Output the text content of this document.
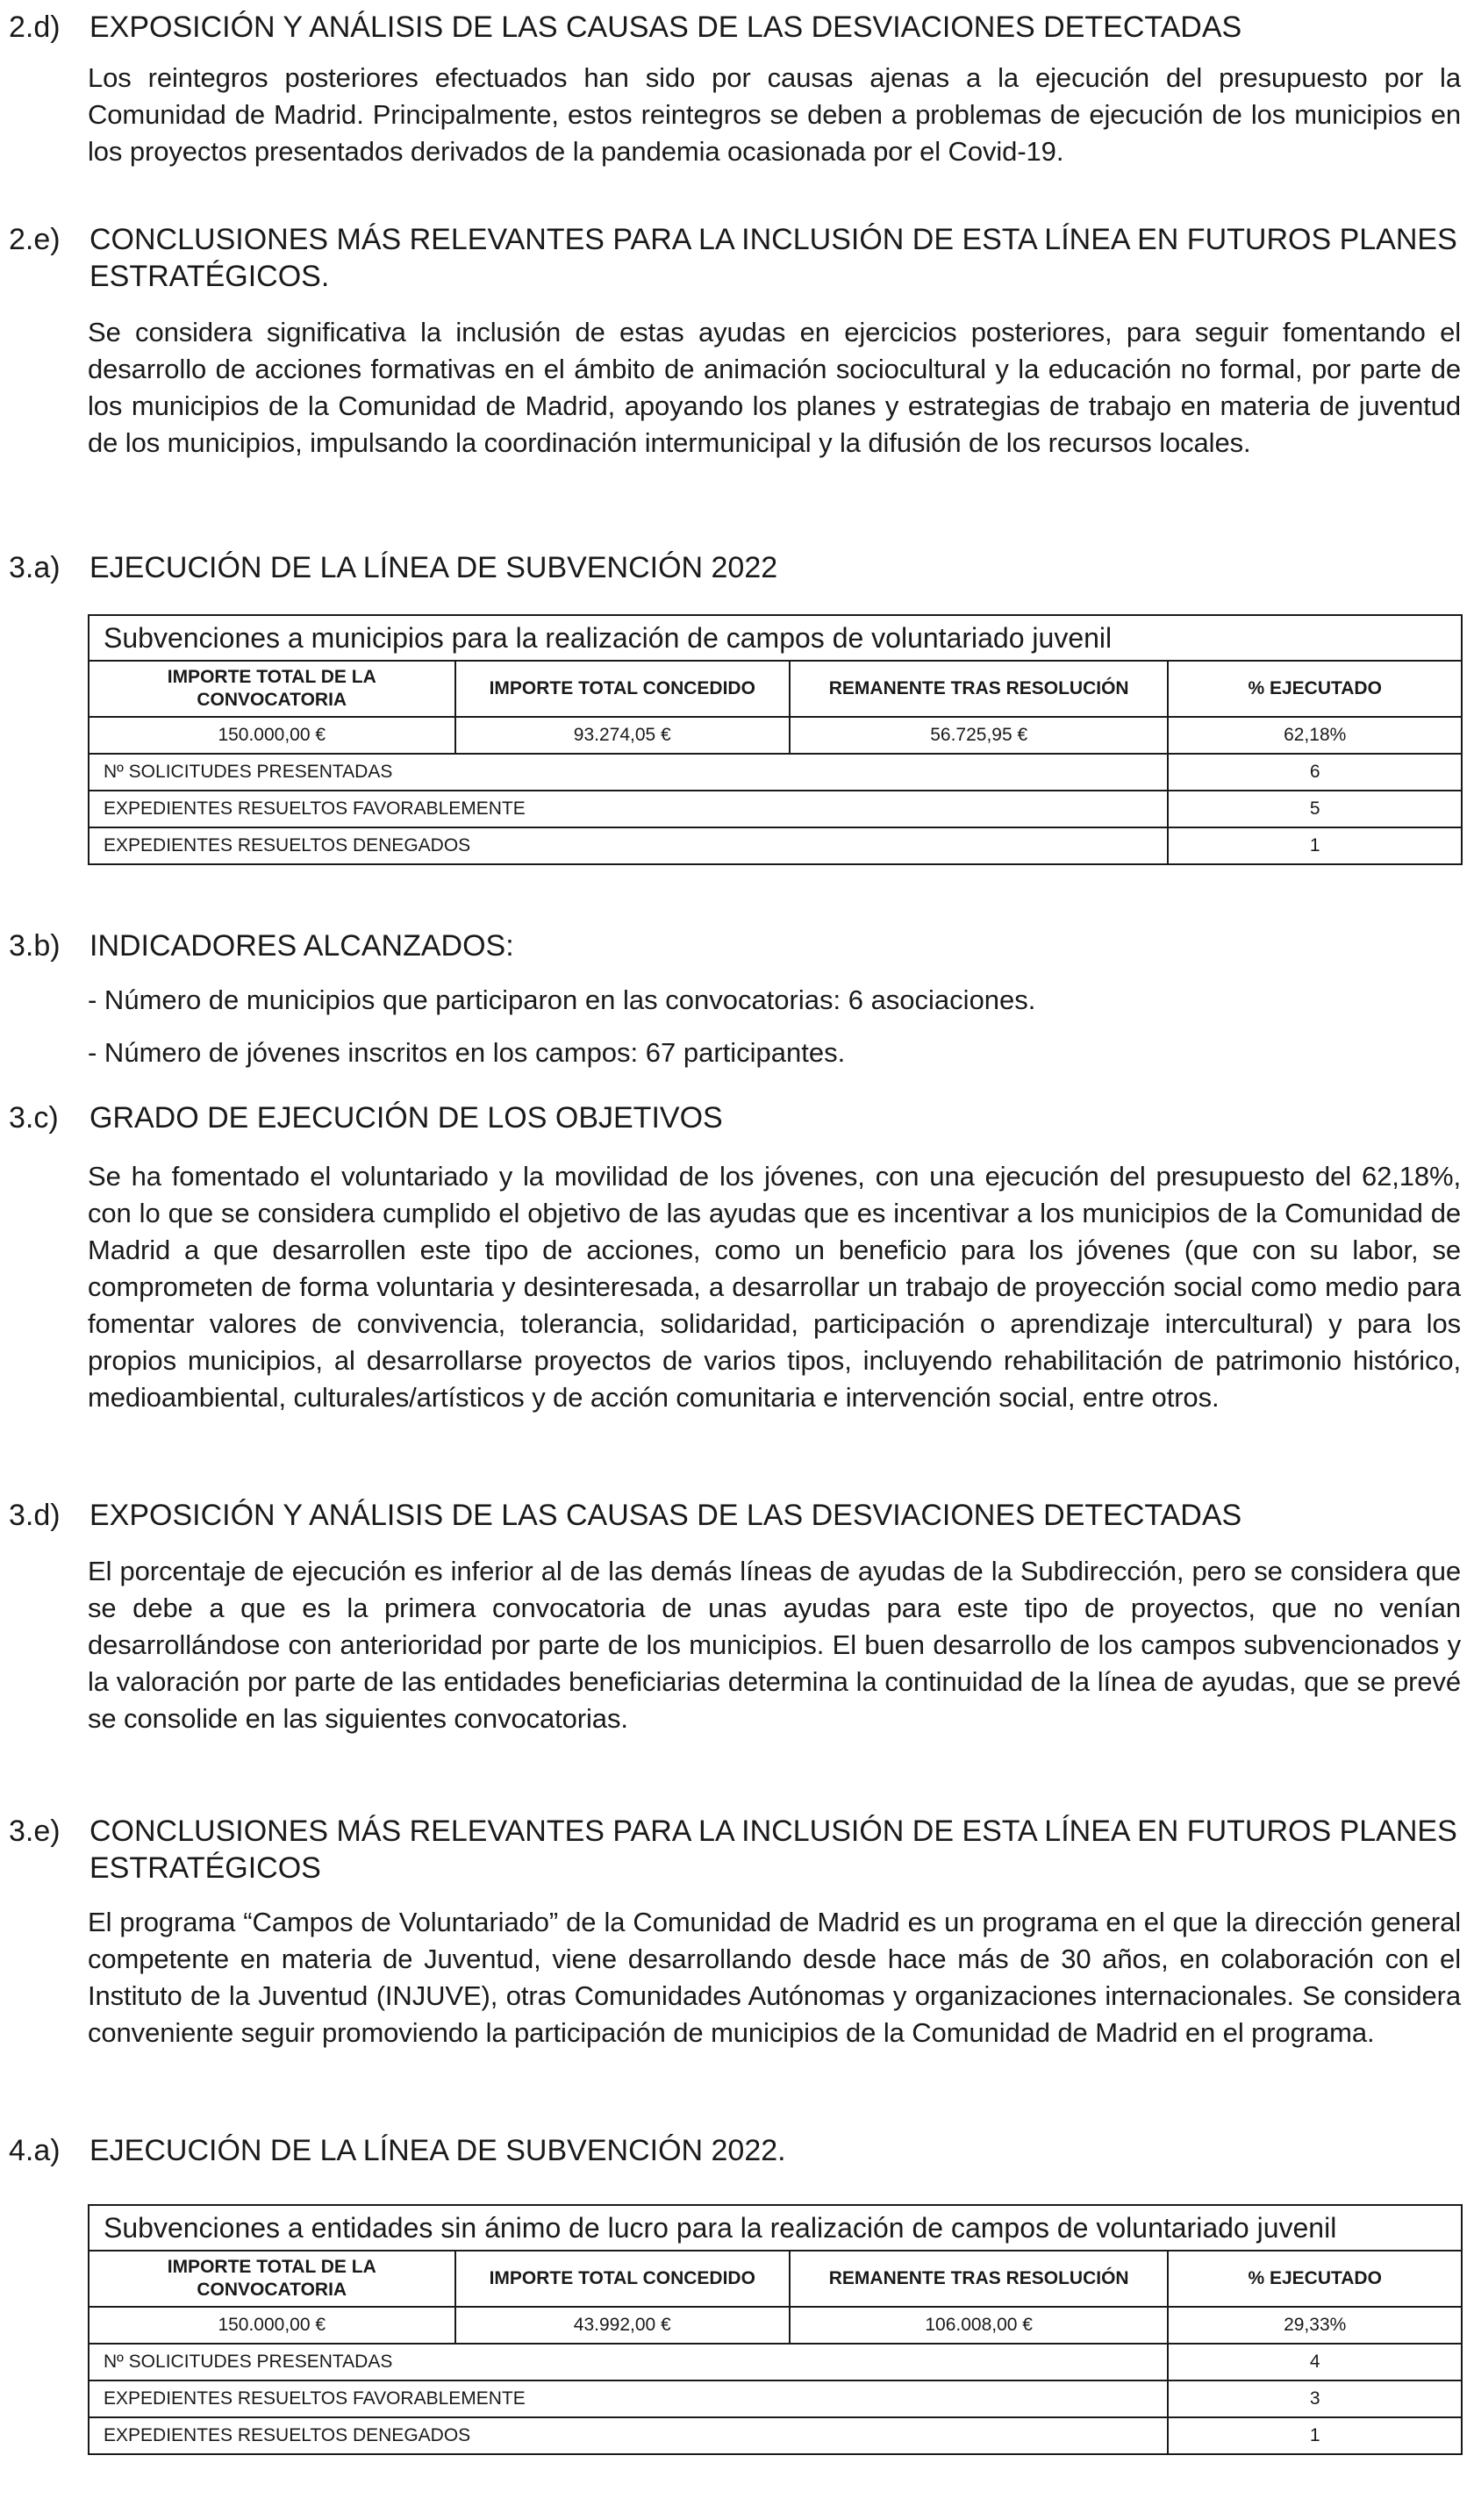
2.d) EXPOSICIÓN Y ANÁLISIS DE LAS CAUSAS DE LAS DESVIACIONES DETECTADAS
Los reintegros posteriores efectuados han sido por causas ajenas a la ejecución del presupuesto por la Comunidad de Madrid. Principalmente, estos reintegros se deben a problemas de ejecución de los municipios en los proyectos presentados derivados de la pandemia ocasionada por el Covid-19.
2.e) CONCLUSIONES MÁS RELEVANTES PARA LA INCLUSIÓN DE ESTA LÍNEA EN FUTUROS PLANES ESTRATÉGICOS.
Se considera significativa la inclusión de estas ayudas en ejercicios posteriores, para seguir fomentando el desarrollo de acciones formativas en el ámbito de animación sociocultural y la educación no formal, por parte de los municipios de la Comunidad de Madrid, apoyando los planes y estrategias de trabajo en materia de juventud de los municipios, impulsando la coordinación intermunicipal y la difusión de los recursos locales.
3.a) EJECUCIÓN DE LA LÍNEA DE SUBVENCIÓN 2022
Subvenciones a municipios para la realización de campos de voluntariado juvenil			
IMPORTE TOTAL DE LA CONVOCATORIA	IMPORTE TOTAL CONCEDIDO	REMANENTE TRAS RESOLUCIÓN	% EJECUTADO
150.000,00 €	93.274,05 €	56.725,95 €	62,18%
Nº SOLICITUDES PRESENTADAS			6
EXPEDIENTES RESUELTOS FAVORABLEMENTE			5
EXPEDIENTES RESUELTOS DENEGADOS			1
3.b) INDICADORES ALCANZADOS:
- Número de municipios que participaron en las convocatorias: 6 asociaciones.
- Número de jóvenes inscritos en los campos: 67 participantes.
3.c) GRADO DE EJECUCIÓN DE LOS OBJETIVOS
Se ha fomentado el voluntariado y la movilidad de los jóvenes, con una ejecución del presupuesto del 62,18%, con lo que se considera cumplido el objetivo de las ayudas que es incentivar a los municipios de la Comunidad de Madrid a que desarrollen este tipo de acciones, como un beneficio para los jóvenes (que con su labor, se comprometen de forma voluntaria y desinteresada, a desarrollar un trabajo de proyección social como medio para fomentar valores de convivencia, tolerancia, solidaridad, participación o aprendizaje intercultural) y para los propios municipios, al desarrollarse proyectos de varios tipos, incluyendo rehabilitación de patrimonio histórico, medioambiental, culturales/artísticos y de acción comunitaria e intervención social, entre otros.
3.d) EXPOSICIÓN Y ANÁLISIS DE LAS CAUSAS DE LAS DESVIACIONES DETECTADAS
El porcentaje de ejecución es inferior al de las demás líneas de ayudas de la Subdirección, pero se considera que se debe a que es la primera convocatoria de unas ayudas para este tipo de proyectos, que no venían desarrollándose con anterioridad por parte de los municipios. El buen desarrollo de los campos subvencionados y la valoración por parte de las entidades beneficiarias determina la continuidad de la línea de ayudas, que se prevé se consolide en las siguientes convocatorias.
3.e) CONCLUSIONES MÁS RELEVANTES PARA LA INCLUSIÓN DE ESTA LÍNEA EN FUTUROS PLANES ESTRATÉGICOS
El programa “Campos de Voluntariado” de la Comunidad de Madrid es un programa en el que la dirección general competente en materia de Juventud, viene desarrollando desde hace más de 30 años, en colaboración con el Instituto de la Juventud (INJUVE), otras Comunidades Autónomas y organizaciones internacionales. Se considera conveniente seguir promoviendo la participación de municipios de la Comunidad de Madrid en el programa.
4.a) EJECUCIÓN DE LA LÍNEA DE SUBVENCIÓN 2022.
Subvenciones a entidades sin ánimo de lucro para la realización de campos de voluntariado juvenil			
IMPORTE TOTAL DE LA CONVOCATORIA	IMPORTE TOTAL CONCEDIDO	REMANENTE TRAS RESOLUCIÓN	% EJECUTADO
150.000,00 €	43.992,00 €	106.008,00 €	29,33%
Nº SOLICITUDES PRESENTADAS			4
EXPEDIENTES RESUELTOS FAVORABLEMENTE			3
EXPEDIENTES RESUELTOS DENEGADOS			1
